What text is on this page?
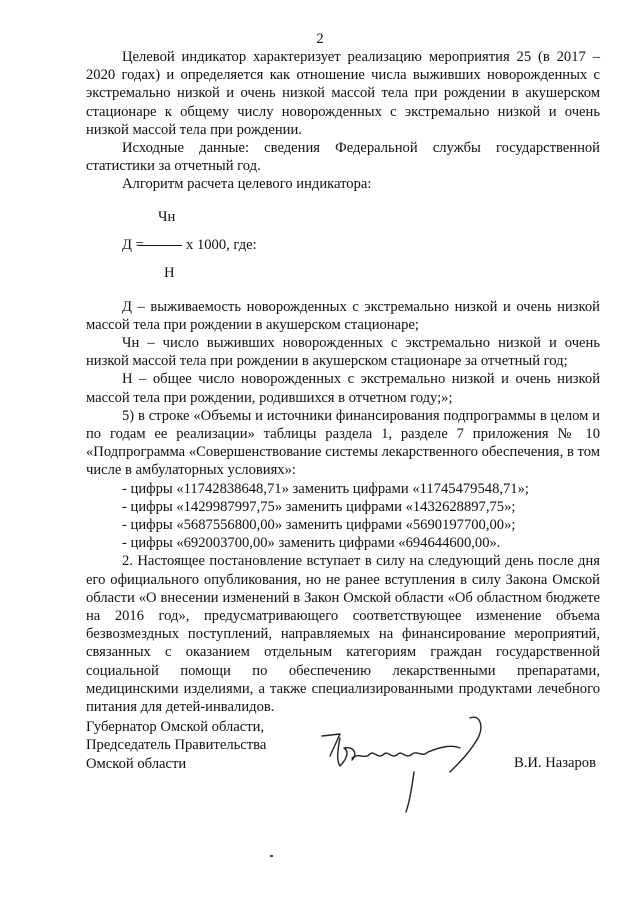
2

Целевой индикатор характеризует реализацию мероприятия 25 (в 2017 – 2020 годах) и определяется как отношение числа выживших новорожденных с экстремально низкой и очень низкой массой тела при рождении в акушерском стационаре к общему числу новорожденных с экстремально низкой и очень низкой массой тела при рождении.

Исходные данные: сведения Федеральной службы государственной статистики за отчетный год.

Алгоритм расчета целевого индикатора:

Чн
Д =	х 1000, где:
Н

Д – выживаемость новорожденных с экстремально низкой и очень низкой массой тела при рождении в акушерском стационаре;

Чн – число выживших новорожденных с экстремально низкой и очень низкой массой тела при рождении в акушерском стационаре за отчетный год;

Н – общее число новорожденных с экстремально низкой и очень низкой массой тела при рождении, родившихся в отчетном году;»;

5) в строке «Объемы и источники финансирования подпрограммы в целом и по годам ее реализации» таблицы раздела 1, разделе 7 приложения № 10 «Подпрограмма «Совершенствование системы лекарственного обеспечения, в том числе в амбулаторных условиях»:

- цифры «11742838648,71» заменить цифрами «11745479548,71»;

- цифры «1429987997,75» заменить цифрами «1432628897,75»;

- цифры «5687556800,00» заменить цифрами «5690197700,00»;

- цифры «692003700,00» заменить цифрами «694644600,00».

2. Настоящее постановление вступает в силу на следующий день после дня его официального опубликования, но не ранее вступления в силу Закона Омской области «О внесении изменений в Закон Омской области «Об областном бюджете на 2016 год», предусматривающего соответствующее изменение объема безвозмездных поступлений, направляемых на финансирование мероприятий, связанных с оказанием отдельным категориям граждан государственной социальной помощи по обеспечению лекарственными препаратами, медицинскими изделиями, а также специализированными продуктами лечебного питания для детей-инвалидов.

Губернатор Омской области,
Председатель Правительства
Омской области	В.И. Назаров
